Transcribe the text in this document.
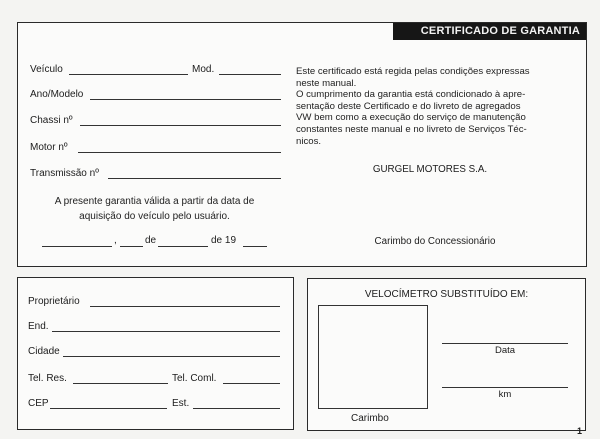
CERTIFICADO DE GARANTIA
Veículo	Mod.
Ano/Modelo
Chassi nº
Motor nº
Transmissão nº
A presente garantia válida a partir da data de
aquisição do veículo pelo usuário.
,	de	de 19
Este certificado está regida pelas condições expressas
neste manual.
O cumprimento da garantia está condicionado à apre-
sentação deste Certificado e do livreto de agregados
VW bem como a execução do serviço de manutenção
constantes neste manual e no livreto de Serviços Téc-
nicos.
GURGEL MOTORES S.A.
Carimbo do Concessionário
Proprietário
End.
Cidade
Tel. Res.	Tel. Coml.
CEP	Est.
VELOCÍMETRO SUBSTITUÍDO EM:
Carimbo
Data
km
1
